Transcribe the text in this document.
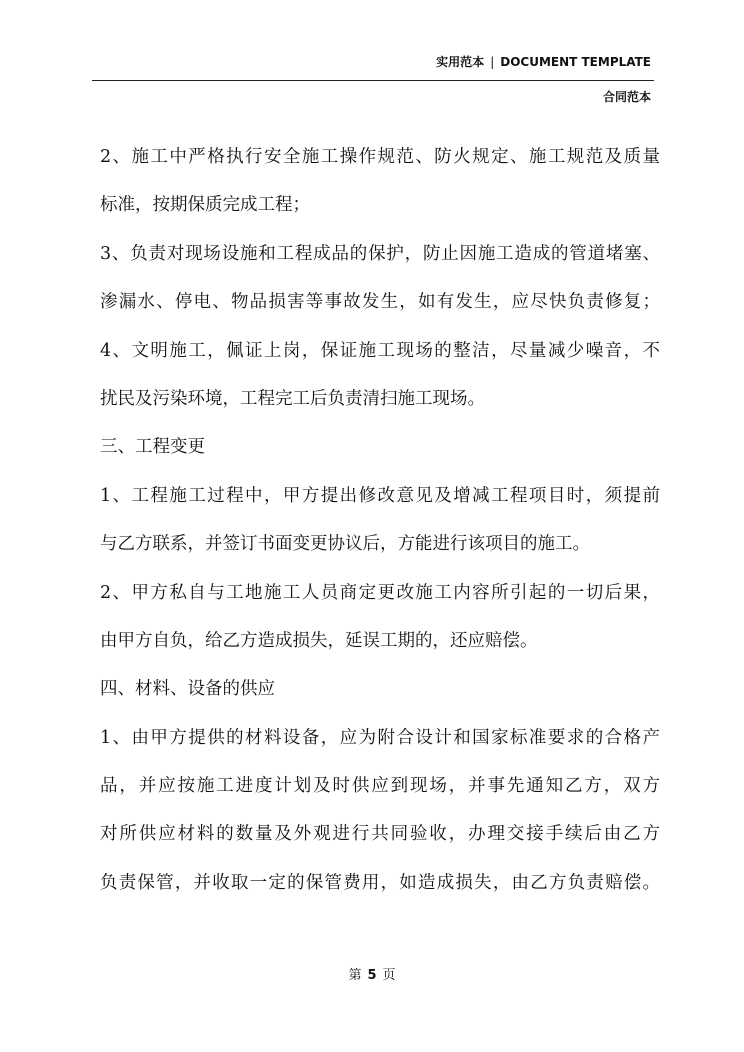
实用范本 | DOCUMENT TEMPLATE
合同范本
2、施工中严格执行安全施工操作规范、防火规定、施工规范及质量
标准，按期保质完成工程；
3、负责对现场设施和工程成品的保护，防止因施工造成的管道堵塞、
渗漏水、停电、物品损害等事故发生，如有发生，应尽快负责修复；
4、文明施工，佩证上岗，保证施工现场的整洁，尽量减少噪音，不
扰民及污染环境，工程完工后负责清扫施工现场。
三、工程变更
1、工程施工过程中，甲方提出修改意见及增减工程项目时，须提前
与乙方联系，并签订书面变更协议后，方能进行该项目的施工。
2、甲方私自与工地施工人员商定更改施工内容所引起的一切后果，
由甲方自负，给乙方造成损失，延误工期的，还应赔偿。
四、材料、设备的供应
1、由甲方提供的材料设备，应为附合设计和国家标准要求的合格产
品，并应按施工进度计划及时供应到现场，并事先通知乙方，双方
对所供应材料的数量及外观进行共同验收，办理交接手续后由乙方
负责保管，并收取一定的保管费用，如造成损失，由乙方负责赔偿。
第 5 页
